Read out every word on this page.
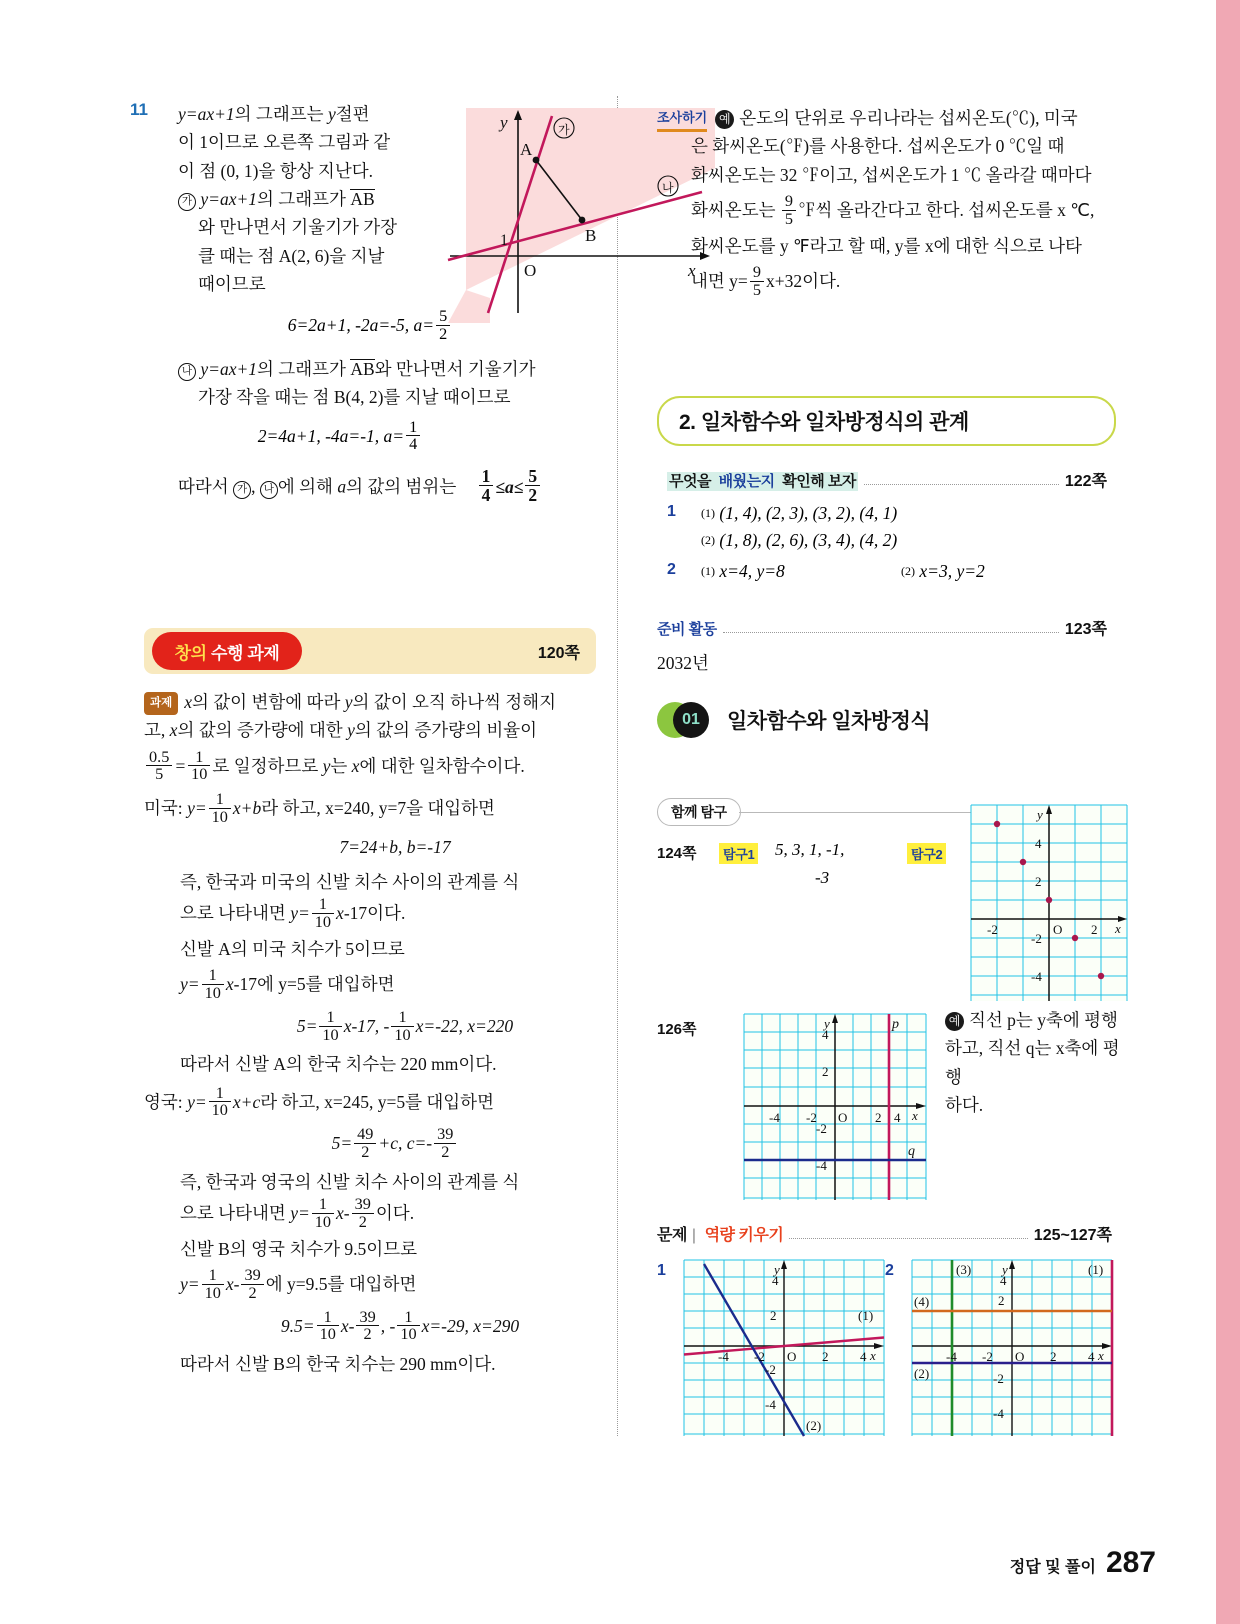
11
A
B
1
O	x
y	가
나
y=ax+1의 그래프는 y절편
이 1이므로 오른쪽 그림과 같
이 점 (0, 1)을 항상 지난다.
가 y=ax+1의 그래프가 AB
와 만나면서 기울기가 가장
클 때는 점 A(2, 6)을 지날
때이므로
6=2a+1, -2a=-5, $a= \frac{5}{2}$
나 y=ax+1의 그래프가 AB와 만나면서 기울기가
가장 작을 때는 점 B(4, 2)를 지날 때이므로
2=4a+1, -4a=-1, $a= \frac{1}{4}$
따라서 가 , 나 에 의해 a의 값의 범위는 $\frac{1}{4} \le a\le \frac{5}{2}$
창의 수행 과제	120쪽
과제 x의 값이 변함에 따라 y의 값이 오직 하나씩 정해지
고, x의 값의 증가량에 대한 y의 값의 증가량의 비율이
$\frac{0.5}{5} = \frac{1}{10}$ 로 일정하므로 y는 x에 대한 일차함수이다.
미국: $y= \frac{1}{10} x+b$라 하고, x=240, y=7을 대입하면
7=24+b, b=-17
즉, 한국과 미국의 신발 치수 사이의 관계를 식
으로 나타내면 $y= \frac{1}{10} x-17$이다.
신발 A의 미국 치수가 5이므로
$y= \frac{1}{10} x-17$에 y=5를 대입하면
$5= \frac{1}{10} x-17$, - $\frac{1}{10} x=-22$, x=220
따라서 신발 A의 한국 치수는 220 mm이다.
영국: $y= \frac{1}{10} x+c$라 하고, x=245, y=5를 대입하면
$5= \frac{49}{2} +c$, $c=- \frac{39}{2}$
즉, 한국과 영국의 신발 치수 사이의 관계를 식
으로 나타내면 $y= \frac{1}{10} x- \frac{39}{2}$ 이다.
신발 B의 영국 치수가 9.5이므로
$y= \frac{1}{10} x- \frac{39}{2}$ 에 y=9.5를 대입하면
$9.5= \frac{1}{10} x- \frac{39}{2}$ , - $\frac{1}{10} x=-29$, x=290
따라서 신발 B의 한국 치수는 290 mm이다.
조사하기 예 온도의 단위로 우리나라는 섭씨온도(℃), 미국
은 화씨온도(℉)를 사용한다. 섭씨온도가 0 ℃일 때
화씨온도는 32 ℉이고, 섭씨온도가 1 ℃ 올라갈 때마다
화씨온도는 $\frac{9}{5}$ ℉씩 올라간다고 한다. 섭씨온도를 x ℃,
화씨온도를 y ℉라고 할 때, y를 x에 대한 식으로 나타
내면 $y= \frac{9}{5} x+32$이다.
2. 일차함수와 일차방정식의 관계
무엇을 배웠는지 확인해 보자	122쪽
1	(1) (1, 4), (2, 3), (3, 2), (4, 1)
(2) (1, 8), (2, 6), (3, 4), (4, 2)
2	(1) x=4, y=8	(2) x=3, y=2
준비 활동	123쪽
2032년
01	일차함수와 일차방정식
함께 탐구
124쪽	탐구1 5, 3, 1, -1,
-3
탐구2
y
x
4
2
-2
-4
-2	O 2
126쪽	y
x
4
2
-2
-4
-4 -2 O 2 4
p
q
예 직선 p는 y축에 평행
하고, 직선 q는 x축에 평행
하다.
문제 | 역량 키우기	125~127쪽
1	y
x
4
2
-2
-4
-4 -2 O 2 4
(1)
(2)
2	y
x
4
2
-2
-4
-4 -2 O 2 4
(3)	(1)
(4)
(2)
정답 및 풀이 287
